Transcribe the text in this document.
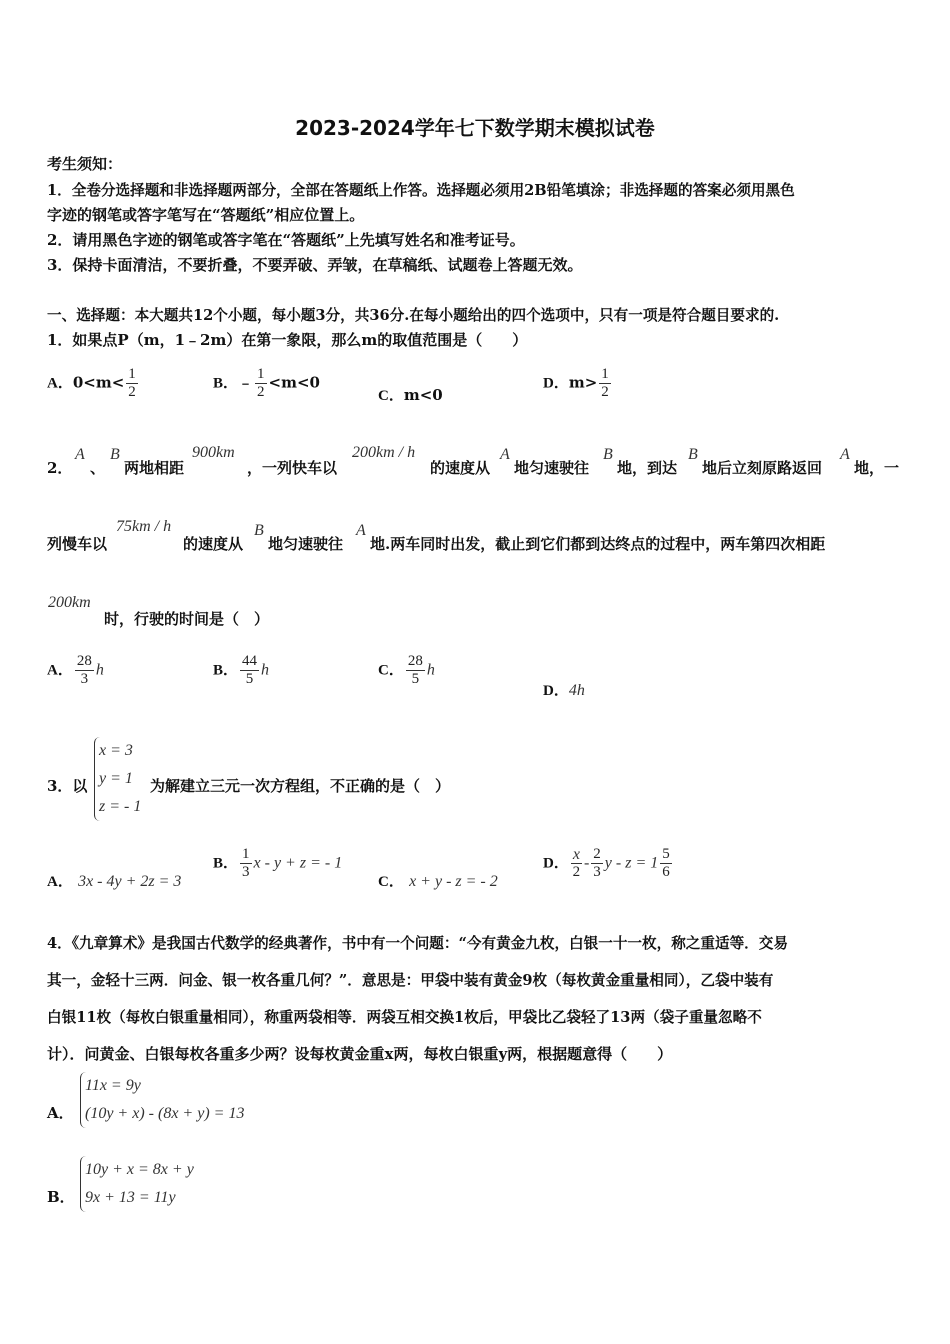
2023-2024学年七下数学期末模拟试卷
考生须知：
1．全卷分选择题和非选择题两部分，全部在答题纸上作答。选择题必须用2B铅笔填涂；非选择题的答案必须用黑色
字迹的钢笔或答字笔写在“答题纸”相应位置上。
2．请用黑色字迹的钢笔或答字笔在“答题纸”上先填写姓名和准考证号。
3．保持卡面清洁，不要折叠，不要弄破、弄皱，在草稿纸、试题卷上答题无效。
一、选择题：本大题共12个小题，每小题3分，共36分.在每小题给出的四个选项中，只有一项是符合题目要求的.
1．如果点P（m，1﹣2m）在第一象限，那么m的取值范围是（　　）
A．$0<m< \frac{1}{2}$	B．﹣ $\frac{1}{2} <m<0$
C．m<0
D．$m> \frac{1}{2}$
2．
A
、
B
两地相距
900km
，一列快车以
200km / h
的速度从
A
地匀速驶往
B
地，到达
B
地后立刻原路返回
A
地，一
列慢车以
75km / h
的速度从
B
地匀速驶往
A
地.两车同时出发，截止到它们都到达终点的过程中，两车第四次相距
200km
时，行驶的时间是（　）
A． $\frac{28}{3}$ h	B． $\frac{44}{5}$ h	C． $\frac{28}{5}$ h
D．4h
3．以
x = 3
y = 1
z = - 1
为解建立三元一次方程组，不正确的是（　）
A． 3x - 4y + 2z = 3
B． $\frac{1}{3}$ x - y + z = - 1
C． x + y - z = - 2
D． $\frac{x}{2} - \frac{2}{3}$ $y - z = 1 \frac{5}{6}$
4．《九章算术》是我国古代数学的经典著作，书中有一个问题：“今有黄金九枚，白银一十一枚，称之重适等．交易
其一，金轻十三两．问金、银一枚各重几何？”．意思是：甲袋中装有黄金9枚（每枚黄金重量相同），乙袋中装有
白银11枚（每枚白银重量相同），称重两袋相等．两袋互相交换1枚后，甲袋比乙袋轻了13两（袋子重量忽略不
计）．问黄金、白银每枚各重多少两？设每枚黄金重x两，每枚白银重y两，根据题意得（　　）
A．
11x = 9y
(10y + x) - (8x + y) = 13
B．
10y + x = 8x + y
9x + 13 = 11y
